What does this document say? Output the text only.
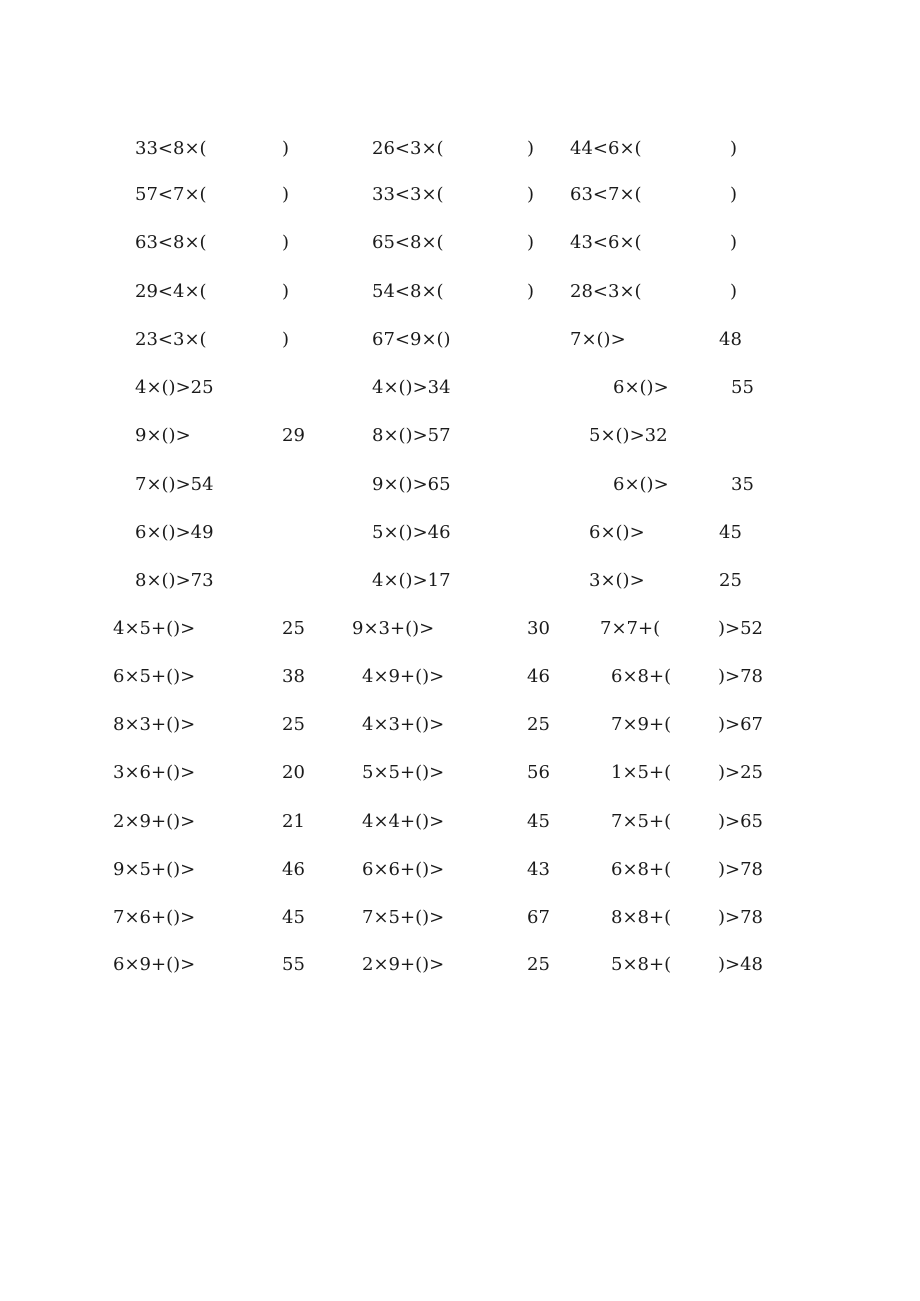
33<8×(	)	26<3×(	) 44<6×(	)
57<7×(	)	33<3×(	) 63<7×(	)
63<8×(	)	65<8×(	) 43<6×(	)
29<4×(	)	54<8×(	) 28<3×(	)
23<3×(	)	67<9×()	7×()>	48
4×()>25	4×()>34	6×()>	55
9×()>	29	8×()>57	5×()>32
7×()>54	9×()>65	6×()>	35
6×()>49	5×()>46	6×()>	45
8×()>73	4×()>17	3×()>	25
4×5+()>	25	9×3+()>	30	7×7+(	)>52
6×5+()>	38	4×9+()>	46	6×8+(	)>78
8×3+()>	25	4×3+()>	25	7×9+(	)>67
3×6+()>	20	5×5+()>	56	1×5+(	)>25
2×9+()>	21	4×4+()>	45	7×5+(	)>65
9×5+()>	46	6×6+()>	43	6×8+(	)>78
7×6+()>	45	7×5+()>	67	8×8+(	)>78
6×9+()>	55	2×9+()>	25	5×8+(	)>48
